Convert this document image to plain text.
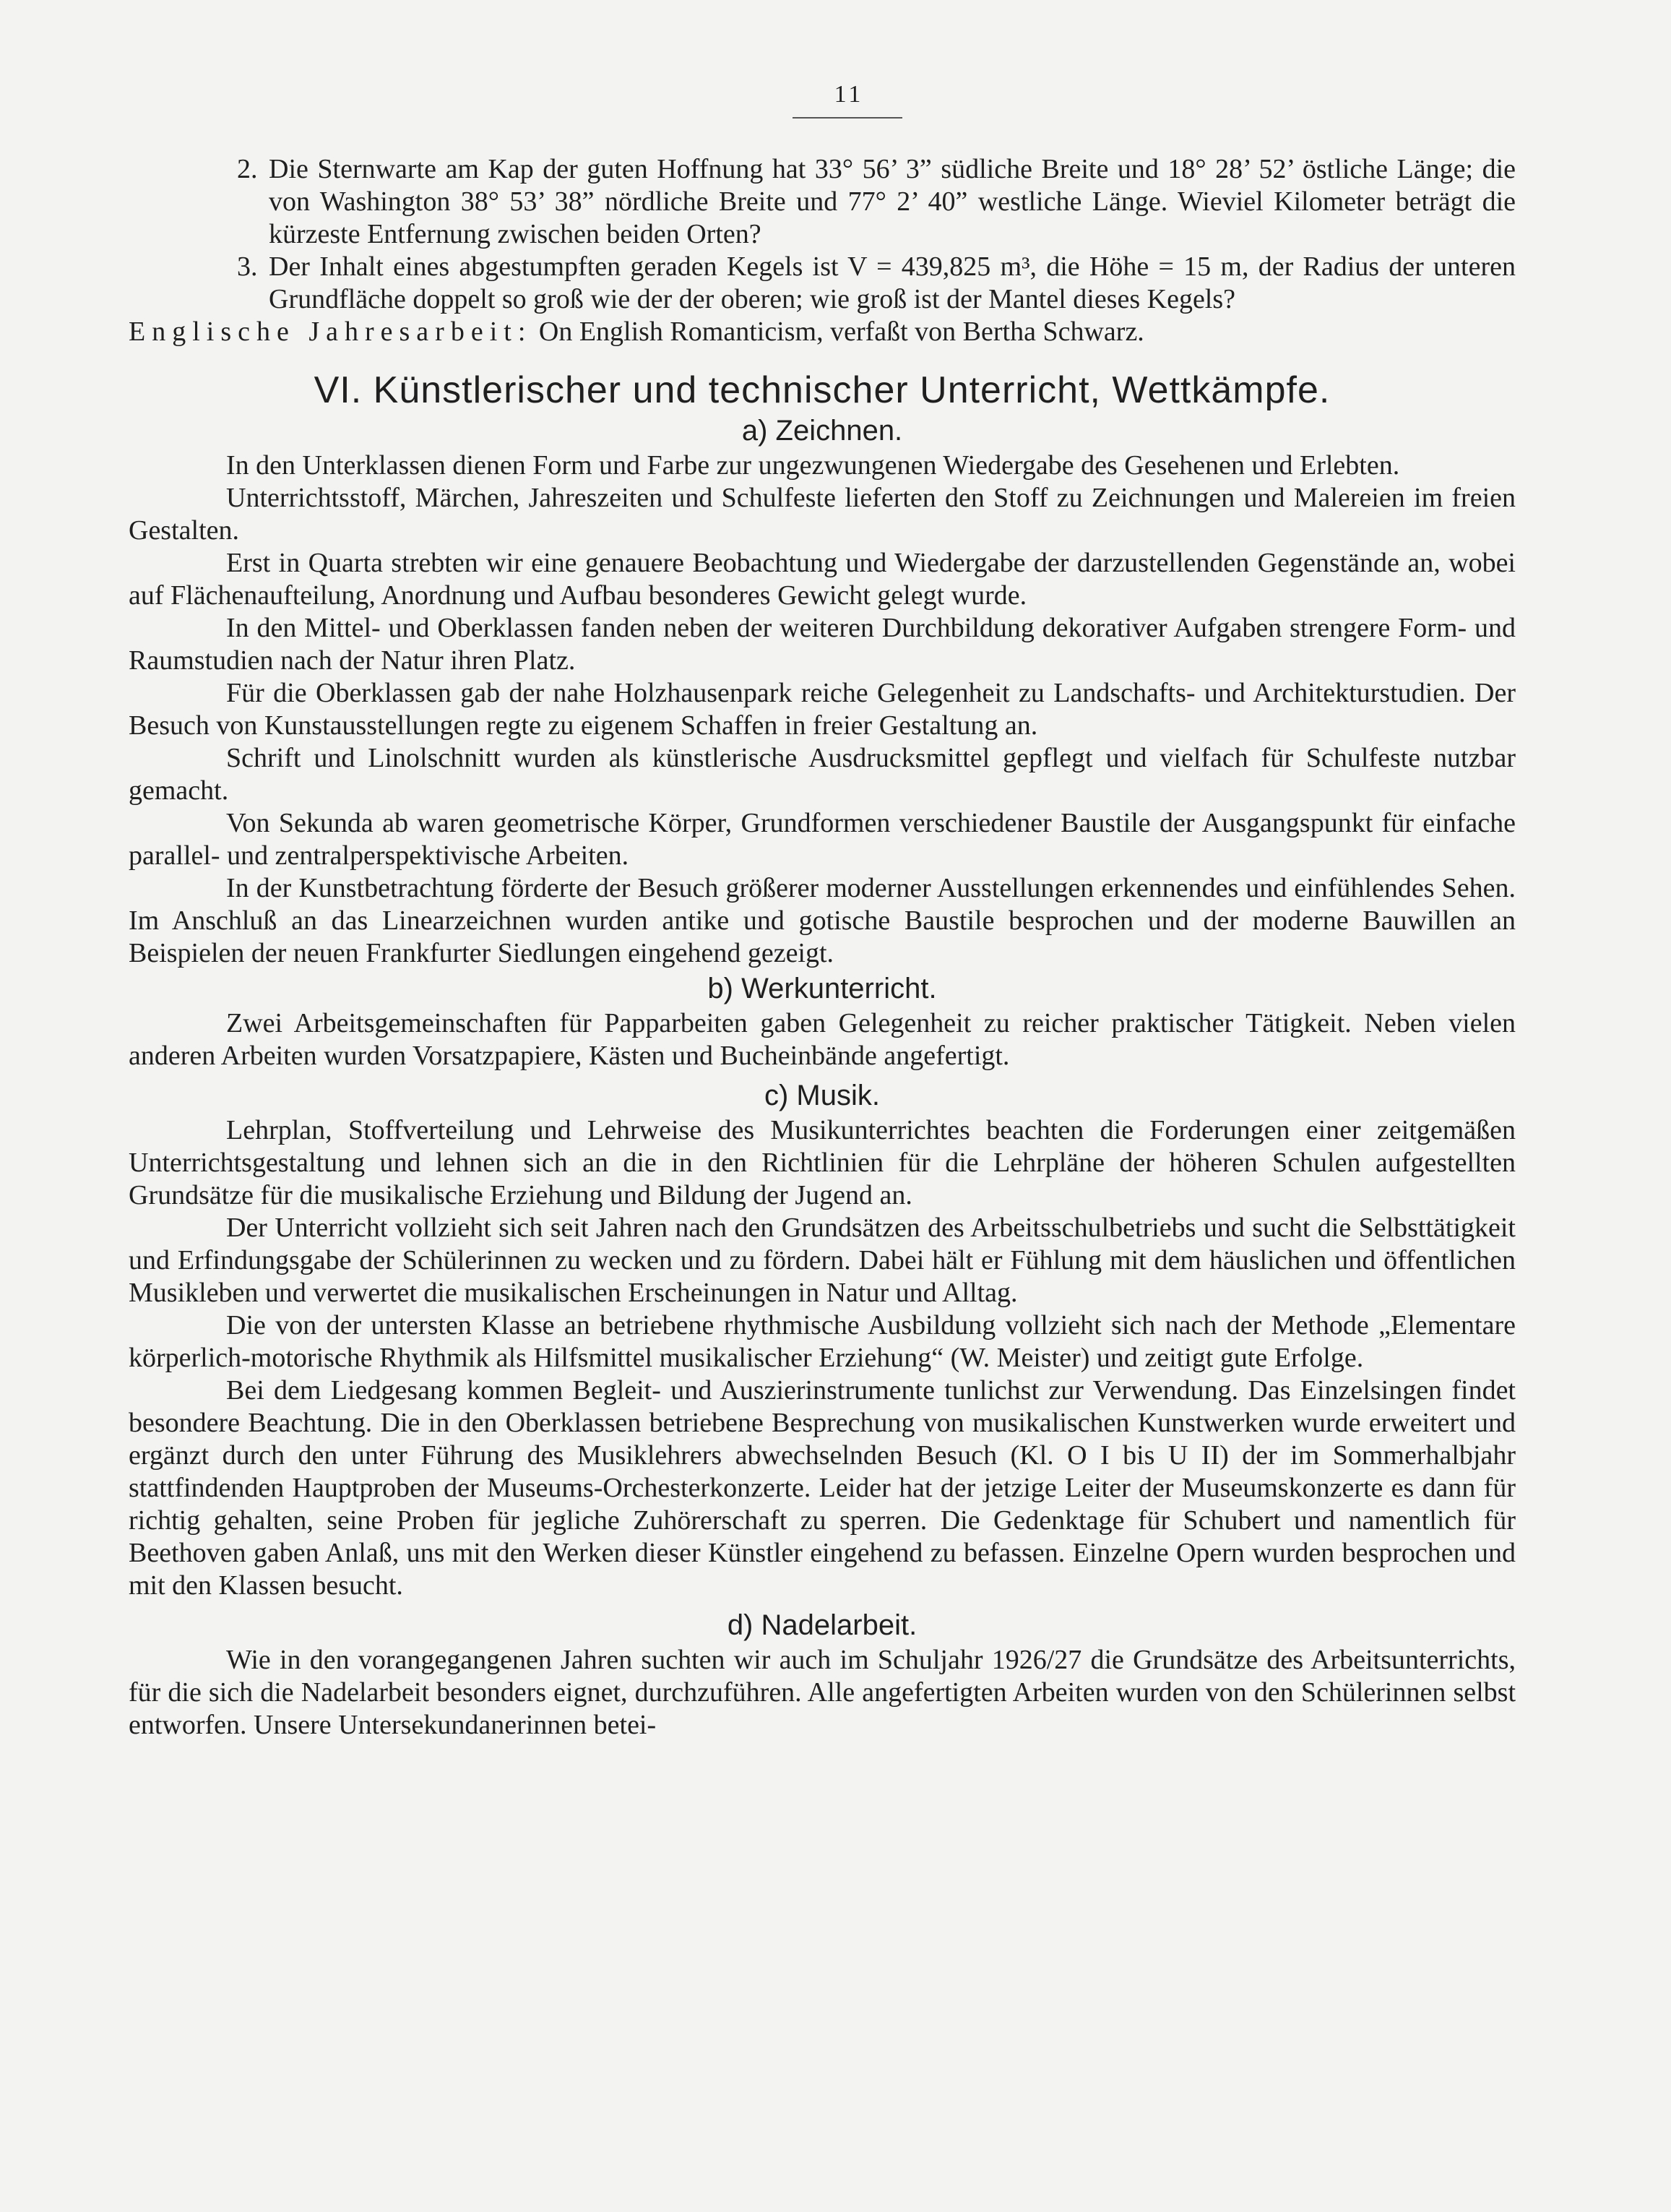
11
2. Die Sternwarte am Kap der guten Hoffnung hat 33° 56’ 3” südliche Breite und 18° 28’ 52’ östliche Länge; die von Washington 38° 53’ 38” nördliche Breite und 77° 2’ 40” westliche Länge. Wieviel Kilometer beträgt die kürzeste Entfernung zwischen beiden Orten?
3. Der Inhalt eines abgestumpften geraden Kegels ist V = 439,825 m³, die Höhe = 15 m, der Radius der unteren Grundfläche doppelt so groß wie der der oberen; wie groß ist der Mantel dieses Kegels?
Englische Jahresarbeit: On English Romanticism, verfaßt von Bertha Schwarz.
VI. Künstlerischer und technischer Unterricht, Wettkämpfe.
a) Zeichnen.

In den Unterklassen dienen Form und Farbe zur ungezwungenen Wiedergabe des Gesehenen und Erlebten.

Unterrichtsstoff, Märchen, Jahreszeiten und Schulfeste lieferten den Stoff zu Zeichnungen und Malereien im freien Gestalten.

Erst in Quarta strebten wir eine genauere Beobachtung und Wiedergabe der darzustellenden Gegenstände an, wobei auf Flächenaufteilung, Anordnung und Aufbau besonderes Gewicht gelegt wurde.

In den Mittel- und Oberklassen fanden neben der weiteren Durchbildung dekorativer Aufgaben strengere Form- und Raumstudien nach der Natur ihren Platz.

Für die Oberklassen gab der nahe Holzhausenpark reiche Gelegenheit zu Landschafts- und Architekturstudien. Der Besuch von Kunstausstellungen regte zu eigenem Schaffen in freier Gestaltung an.

Schrift und Linolschnitt wurden als künstlerische Ausdrucksmittel gepflegt und vielfach für Schulfeste nutzbar gemacht.

Von Sekunda ab waren geometrische Körper, Grundformen verschiedener Baustile der Ausgangspunkt für einfache parallel- und zentralperspektivische Arbeiten.

In der Kunstbetrachtung förderte der Besuch größerer moderner Ausstellungen erkennendes und einfühlendes Sehen. Im Anschluß an das Linearzeichnen wurden antike und gotische Baustile besprochen und der moderne Bauwillen an Beispielen der neuen Frankfurter Siedlungen eingehend gezeigt.

b) Werkunterricht.

Zwei Arbeitsgemeinschaften für Papparbeiten gaben Gelegenheit zu reicher praktischer Tätigkeit. Neben vielen anderen Arbeiten wurden Vorsatzpapiere, Kästen und Bucheinbände angefertigt.

c) Musik.

Lehrplan, Stoffverteilung und Lehrweise des Musikunterrichtes beachten die Forderungen einer zeitgemäßen Unterrichtsgestaltung und lehnen sich an die in den Richtlinien für die Lehrpläne der höheren Schulen aufgestellten Grundsätze für die musikalische Erziehung und Bildung der Jugend an.

Der Unterricht vollzieht sich seit Jahren nach den Grundsätzen des Arbeitsschulbetriebs und sucht die Selbsttätigkeit und Erfindungsgabe der Schülerinnen zu wecken und zu fördern. Dabei hält er Fühlung mit dem häuslichen und öffentlichen Musikleben und verwertet die musikalischen Erscheinungen in Natur und Alltag.

Die von der untersten Klasse an betriebene rhythmische Ausbildung vollzieht sich nach der Methode „Elementare körperlich-motorische Rhythmik als Hilfsmittel musikalischer Erziehung“ (W. Meister) und zeitigt gute Erfolge.

Bei dem Liedgesang kommen Begleit- und Auszierinstrumente tunlichst zur Verwendung. Das Einzelsingen findet besondere Beachtung. Die in den Oberklassen betriebene Besprechung von musikalischen Kunstwerken wurde erweitert und ergänzt durch den unter Führung des Musiklehrers abwechselnden Besuch (Kl. O I bis U II) der im Sommerhalbjahr stattfindenden Hauptproben der Museums-Orchesterkonzerte. Leider hat der jetzige Leiter der Museumskonzerte es dann für richtig gehalten, seine Proben für jegliche Zuhörerschaft zu sperren. Die Gedenktage für Schubert und namentlich für Beethoven gaben Anlaß, uns mit den Werken dieser Künstler eingehend zu befassen. Einzelne Opern wurden besprochen und mit den Klassen besucht.

d) Nadelarbeit.

Wie in den vorangegangenen Jahren suchten wir auch im Schuljahr 1926/27 die Grundsätze des Arbeitsunterrichts, für die sich die Nadelarbeit besonders eignet, durchzuführen. Alle angefertigten Arbeiten wurden von den Schülerinnen selbst entworfen. Unsere Untersekundanerinnen betei-
